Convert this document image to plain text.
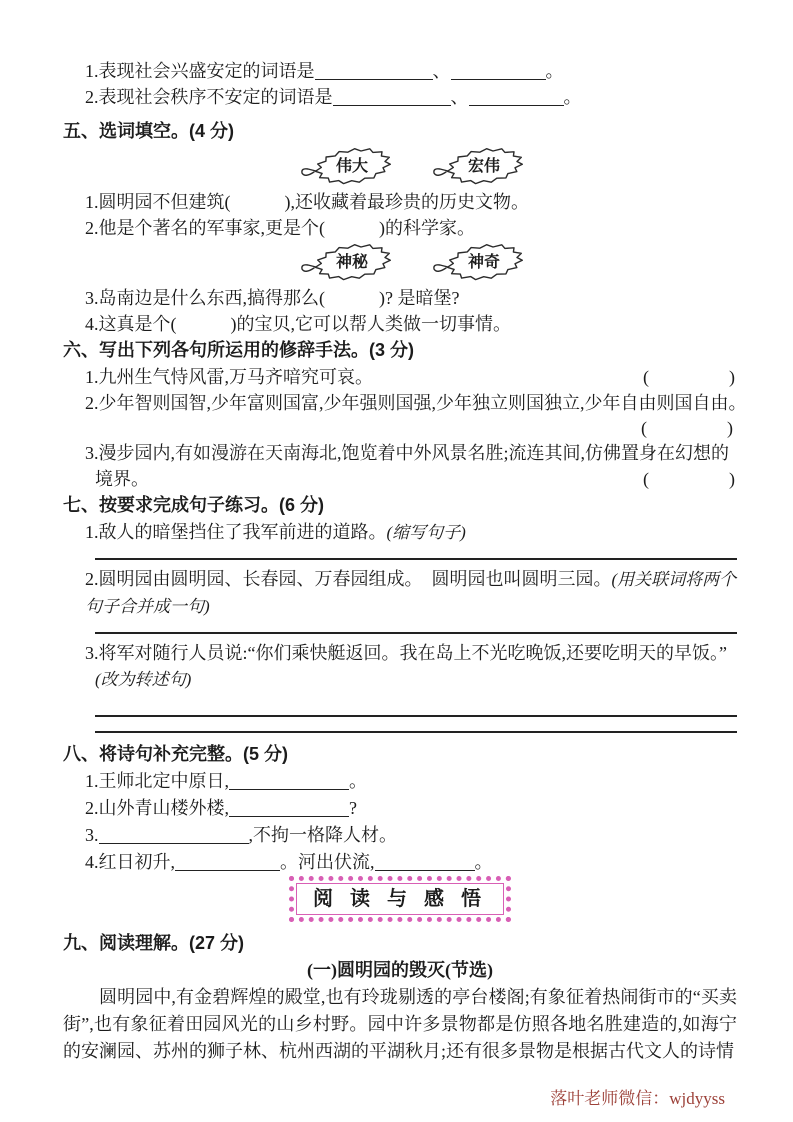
1.表现社会兴盛安定的词语是	、	。
2.表现社会秩序不安定的词语是	、	。
五、选词填空。(4 分)
伟大	宏伟
1.圆明园不但建筑(　　　),还收藏着最珍贵的历史文物。
2.他是个著名的军事家,更是个(　　　)的科学家。
神秘	神奇
3.岛南边是什么东西,搞得那么(　　　)? 是暗堡?
4.这真是个(　　　)的宝贝,它可以帮人类做一切事情。
六、写出下列各句所运用的修辞手法。(3 分)
1.九州生气恃风雷,万马齐喑究可哀。	(	)
2.少年智则国智,少年富则国富,少年强则国强,少年独立则国独立,少年自由则国自由。
(	)
3.漫步园内,有如漫游在天南海北,饱览着中外风景名胜;流连其间,仿佛置身在幻想的
境界。	(	)
七、按要求完成句子练习。(6 分)
1.敌人的暗堡挡住了我军前进的道路。(缩写句子)
2.圆明园由圆明园、长春园、万春园组成。　圆明园也叫圆明三园。(用关联词将两个句子合并成一句)
3.将军对随行人员说:“你们乘快艇返回。我在岛上不光吃晚饭,还要吃明天的早饭。”
(改为转述句)
八、将诗句补充完整。(5 分)
1.王师北定中原日,	。
2.山外青山楼外楼,	?
3.	,不拘一格降人材。
4.红日初升,	。河出伏流,	。
阅 读 与 感 悟
九、阅读理解。(27 分)
(一)圆明园的毁灭(节选)

圆明园中,有金碧辉煌的殿堂,也有玲珑剔透的亭台楼阁;有象征着热闹街市的“买卖街”,也有象征着田园风光的山乡村野。园中许多景物都是仿照各地名胜建造的,如海宁的安澜园、苏州的狮子林、杭州西湖的平湖秋月;还有很多景物是根据古代文人的诗情

落叶老师微信：wjdyyss
